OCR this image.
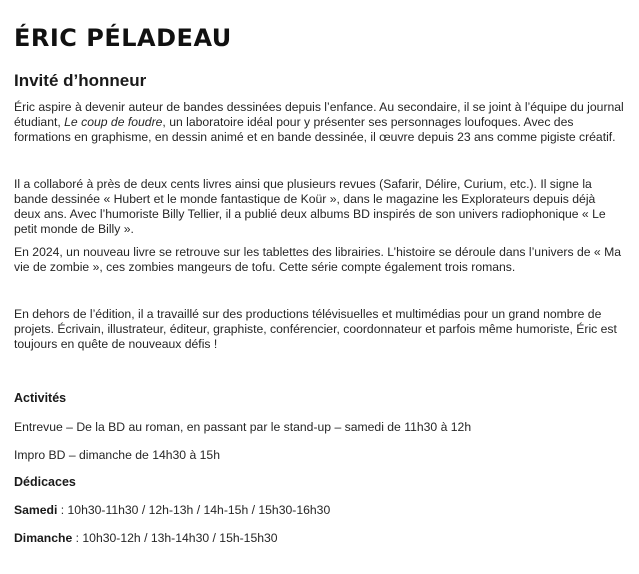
ÉRIC PÉLADEAU
Invité d’honneur

Éric aspire à devenir auteur de bandes dessinées depuis l’enfance. Au secondaire, il se joint à l’équipe du journal étudiant, Le coup de foudre, un laboratoire idéal pour y présenter ses personnages loufoques. Avec des formations en graphisme, en dessin animé et en bande dessinée, il œuvre depuis 23 ans comme pigiste créatif.

Il a collaboré à près de deux cents livres ainsi que plusieurs revues (Safarir, Délire, Curium, etc.). Il signe la bande dessinée « Hubert et le monde fantastique de Koür », dans le magazine les Explorateurs depuis déjà deux ans. Avec l’humoriste Billy Tellier, il a publié deux albums BD inspirés de son univers radiophonique « Le petit monde de Billy ».

En 2024, un nouveau livre se retrouve sur les tablettes des librairies. L’histoire se déroule dans l’univers de « Ma vie de zombie », ces zombies mangeurs de tofu. Cette série compte également trois romans.

En dehors de l’édition, il a travaillé sur des productions télévisuelles et multimédias pour un grand nombre de projets. Écrivain, illustrateur, éditeur, graphiste, conférencier, coordonnateur et parfois même humoriste, Éric est toujours en quête de nouveaux défis !

Activités

Entrevue – De la BD au roman, en passant par le stand-up – samedi de 11h30 à 12h

Impro BD – dimanche de 14h30 à 15h

Dédicaces

Samedi : 10h30-11h30 / 12h-13h / 14h-15h / 15h30-16h30

Dimanche : 10h30-12h / 13h-14h30 / 15h-15h30
